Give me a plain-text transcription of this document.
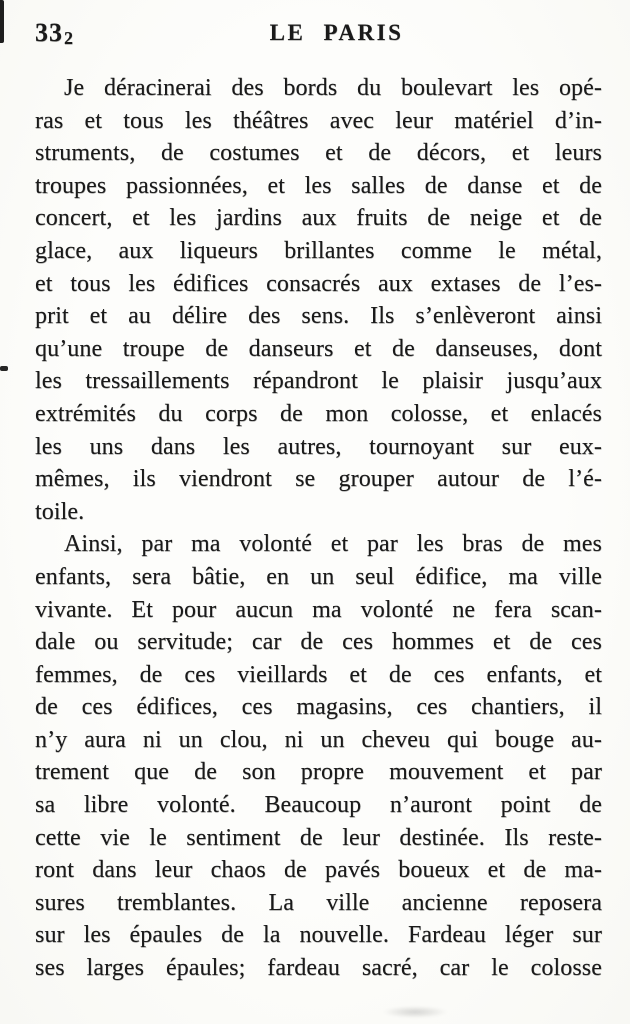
332	LE PARIS
Je déracinerai des bords du boulevart les opé-
ras et tous les théâtres avec leur matériel d’in-
struments, de costumes et de décors, et leurs
troupes passionnées, et les salles de danse et de
concert, et les jardins aux fruits de neige et de
glace, aux liqueurs brillantes comme le métal,
et tous les édifices consacrés aux extases de l’es-
prit et au délire des sens. Ils s’enlèveront ainsi
qu’une troupe de danseurs et de danseuses, dont
les tressaillements répandront le plaisir jusqu’aux
extrémités du corps de mon colosse, et enlacés
les uns dans les autres, tournoyant sur eux-
mêmes, ils viendront se grouper autour de l’é-
toile.
Ainsi, par ma volonté et par les bras de mes
enfants, sera bâtie, en un seul édifice, ma ville
vivante. Et pour aucun ma volonté ne fera scan-
dale ou servitude; car de ces hommes et de ces
femmes, de ces vieillards et de ces enfants, et
de ces édifices, ces magasins, ces chantiers, il
n’y aura ni un clou, ni un cheveu qui bouge au-
trement que de son propre mouvement et par
sa libre volonté. Beaucoup n’auront point de
cette vie le sentiment de leur destinée. Ils reste-
ront dans leur chaos de pavés boueux et de ma-
sures tremblantes. La ville ancienne reposera
sur les épaules de la nouvelle. Fardeau léger sur
ses larges épaules; fardeau sacré, car le colosse
